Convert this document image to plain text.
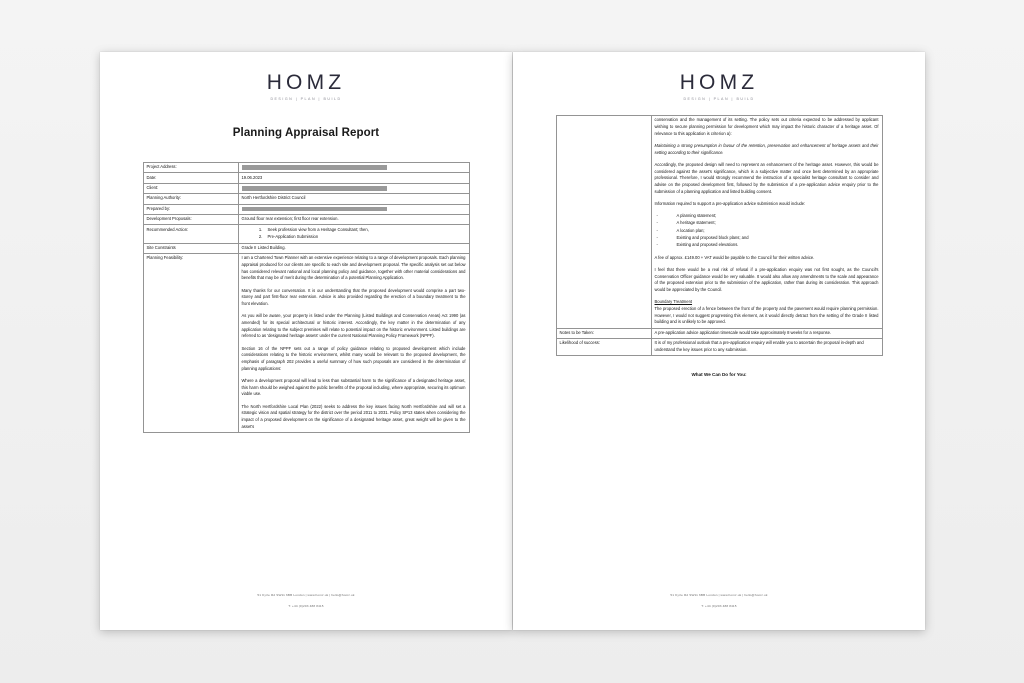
HOMZ
DESIGN | PLAN | BUILD
Planning Appraisal Report
Project Address:	

Date:	19.06.2023
Client:	

Planning Authority:	North Hertfordshire District Council
Prepared by:	

Development Proposals:	Ground floor rear extension; first floor rear extension.
Recommended Action:	
1.Seek profession view from a Heritage Consultant; then,
2. Pre-Application Submission

Site Constraints	Grade II Listed Building.
Planning Feasibility:	I am a Chartered Town Planner with an extensive experience relating to a range of development proposals. Each planning appraisal produced for our clients are specific to each site and development proposal. The specific analysis set out below has considered relevant national and local planning policy and guidance, together with other material considerations and benefits that may be of merit during the determination of a potential Planning Application.

Many thanks for our conversation. It is our understanding that the proposed development would comprise a part two-storey and part first-floor rear extension. Advice is also provided regarding the erection of a boundary treatment to the front elevation.

As you will be aware, your property is listed under the Planning (Listed Buildings and Conservation Areas) Act 1990 (as amended) for its special architectural or historic interest. Accordingly, the key matter in the determination of any application relating to the subject premises will relate to potential impact on the historic environment. Listed buildings are referred to as 'designated heritage assets' under the current National Planning Policy Framework (NPPF).

Section 16 of the NPPF sets out a range of policy guidance relating to proposed development which include considerations relating to the historic environment, whilst many would be relevant to the proposed development, the emphasis of paragraph 202 provides a useful summary of how such proposals are considered in the determination of planning applications:

Where a development proposal will lead to less than substantial harm to the significance of a designated heritage asset, this harm should be weighed against the public benefits of the proposal including, where appropriate, securing its optimum viable use.

The North Hertfordshire Local Plan (2022) seeks to address the key issues facing North Hertfordshire and will set a strategic vision and spatial strategy for the district over the period 2011 to 2031. Policy SP13 states when considering the impact of a proposed development on the significance of a designated heritage asset, great weight will be given to the asset's

51 Kyrle Rd SW11 6BB London | www.homz.uk | hello@homz.uk
T: +44 (0)203 488 8415
HOMZ
DESIGN | PLAN | BUILD

conservation and the management of its setting. The policy sets out criteria expected to be addressed by applicant wishing to secure planning permission for development which may impact the historic character of a heritage asset. Of relevance to this application is criterion a):

Maintaining a strong presumption in favour of the retention, preservation and enhancement of heritage assets and their setting according to their significance.

Accordingly, the proposed design will need to represent an enhancement of the heritage asset. However, this would be considered against the asset's significance, which is a subjective matter and once best determined by an appropriate professional. Therefore, I would strongly recommend the instruction of a specialist heritage consultant to consider and advise on the proposed development first, followed by the submission of a pre-application advice enquiry prior to the submission of a planning application and listed building consent.

Information required to support a pre-application advice submission would include:

- A planning statement;
- A heritage statement;
- A location plan;
- Existing and proposed block plans; and
- Existing and proposed elevations.

A fee of approx. £149.00 + VAT would be payable to the Council for their written advice.

I feel that there would be a real risk of refusal if a pre-application enquiry was not first sought, as the Council's Conservation Officer guidance would be very valuable. It would also allow any amendments to the scale and appearance of the proposed extension prior to the submission of the application, rather than during its consideration. This approach would be appreciated by the Council.

Boundary Treatment

The proposed erection of a fence between the front of the property and the pavement would require planning permission. However, I would not suggest progressing this element, as it would directly detract from the setting of the Grade II listed building and is unlikely to be approved.

Notes to be Taken:	A pre-application advice application timescale would take approximately 8 weeks for a response.
Likelihood of success:	It is of my professional outlook that a pre-application enquiry will enable you to ascertain the proposal in-depth and understand the key issues prior to any submission.
What We Can Do for You:
51 Kyrle Rd SW11 6BB London | www.homz.uk | hello@homz.uk
T: +44 (0)203 488 8415
